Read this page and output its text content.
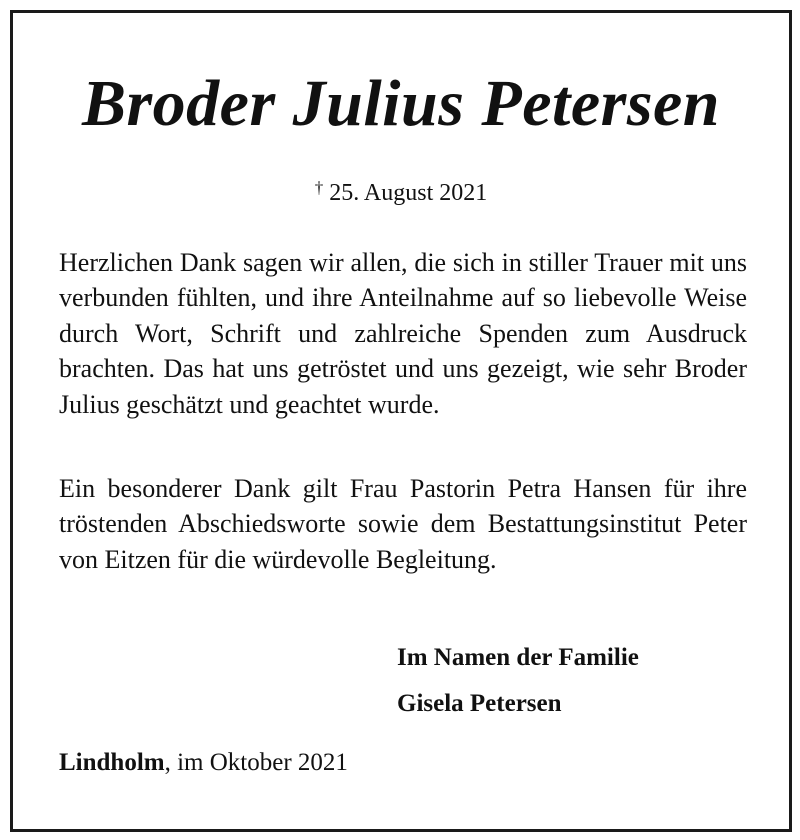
Broder Julius Petersen
† 25. August 2021

Herzlichen Dank sagen wir allen, die sich in stiller Trauer mit uns verbunden fühlten, und ihre Anteilnahme auf so liebevolle Weise durch Wort, Schrift und zahlreiche Spenden zum Ausdruck brachten. Das hat uns getröstet und uns gezeigt, wie sehr Broder Julius geschätzt und geachtet wurde.

Ein besonderer Dank gilt Frau Pastorin Petra Hansen für ihre tröstenden Abschiedsworte sowie dem Bestattungsinstitut Peter von Eitzen für die würdevolle Begleitung.

Im Namen der Familie
Gisela Petersen
Lindholm, im Oktober 2021
